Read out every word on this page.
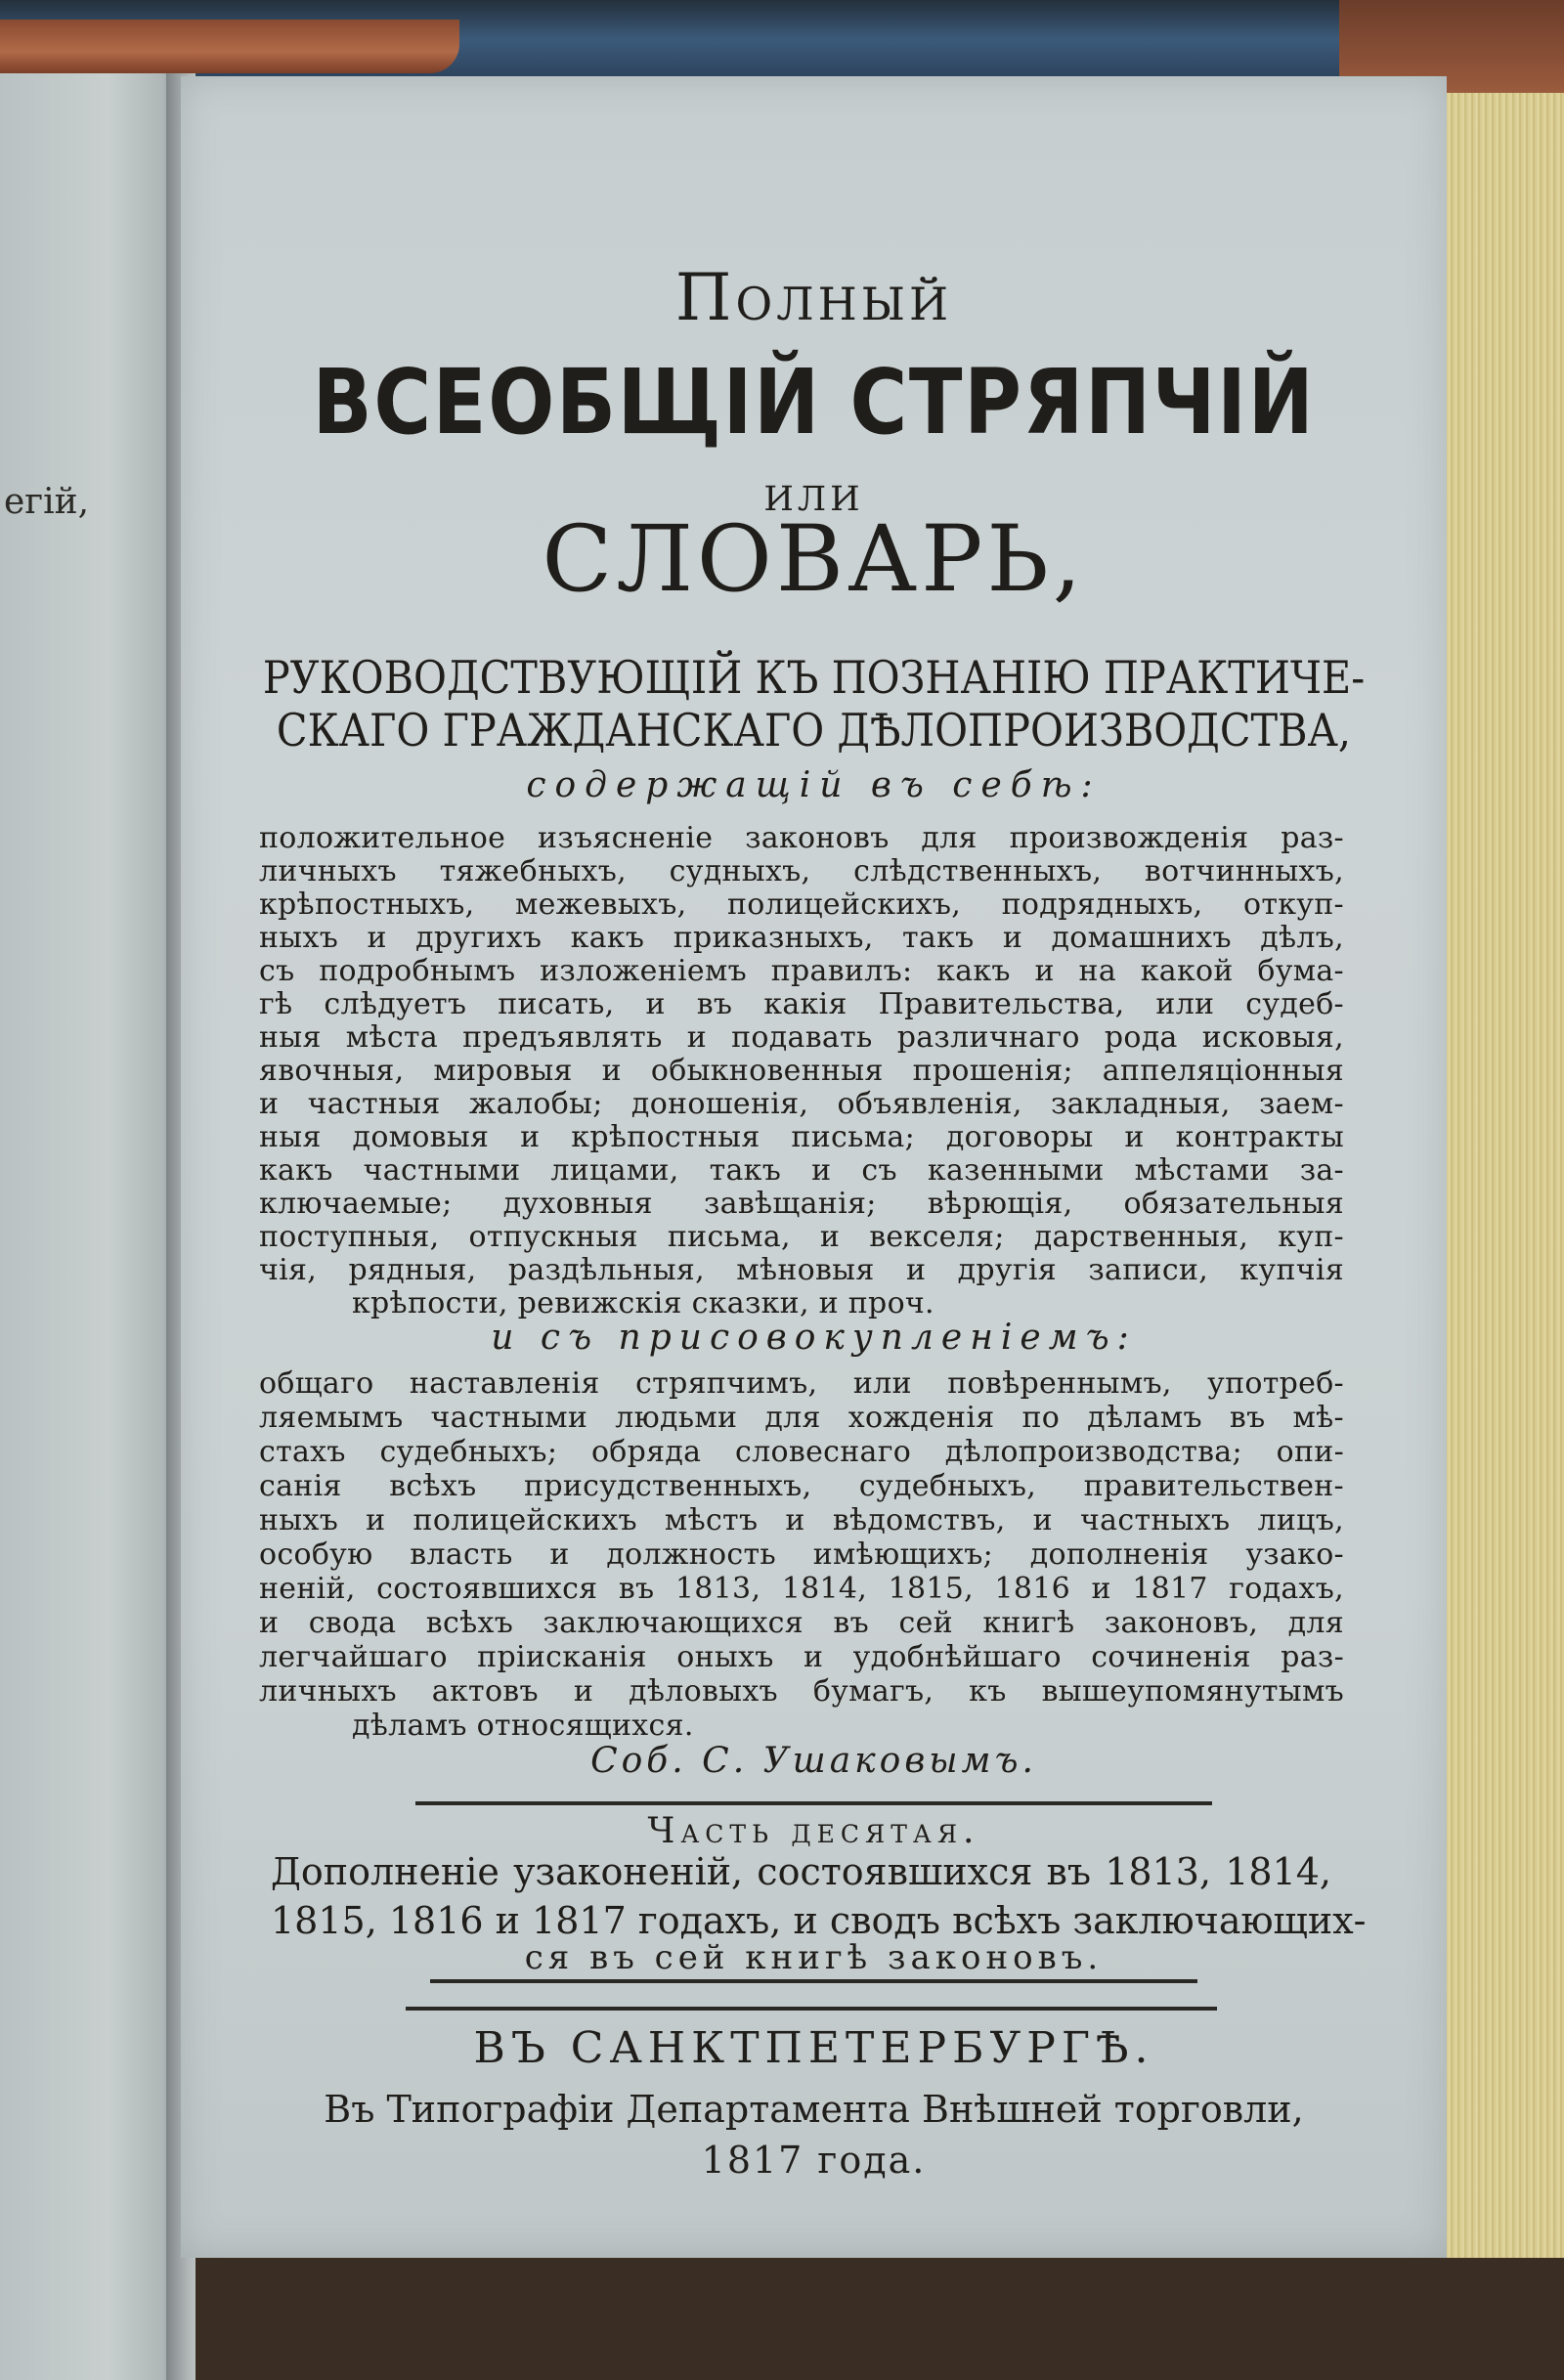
егій,
Полный
ВСЕОБЩІЙ СТРЯПЧІЙ
или
СЛОВАРЬ,
РУКОВОДСТВУЮЩІЙ КЪ ПОЗНАНІЮ ПРАКТИЧЕ-
СКАГО ГРАЖДАНСКАГО ДѢЛОПРОИЗВОДСТВА,
содержащій въ себѣ:
положительное изъясненіе законовъ для произвожденія раз-
личныхъ тяжебныхъ, судныхъ, слѣдственныхъ, вотчинныхъ,
крѣпостныхъ, межевыхъ, полицейскихъ, подрядныхъ, откуп-
ныхъ и другихъ какъ приказныхъ, такъ и домашнихъ дѣлъ,
съ подробнымъ изложеніемъ правилъ: какъ и на какой бума-
гѣ слѣдуетъ писать, и въ какія Правительства, или судеб-
ныя мѣста предъявлять и подавать различнаго рода исковыя,
явочныя, мировыя и обыкновенныя прошенія; аппеляціонныя
и частныя жалобы; доношенія, объявленія, закладныя, заем-
ныя домовыя и крѣпостныя письма; договоры и контракты
какъ частными лицами, такъ и съ казенными мѣстами за-
ключаемые; духовныя завѣщанія; вѣрющія, обязательныя
поступныя, отпускныя письма, и векселя; дарственныя, куп-
чія, рядныя, раздѣльныя, мѣновыя и другія записи, купчія
крѣпости, ревижскія сказки, и проч.
и съ присовокупленіемъ:
общаго наставленія стряпчимъ, или повѣреннымъ, употреб-
ляемымъ частными людьми для хожденія по дѣламъ въ мѣ-
стахъ судебныхъ; обряда словеснаго дѣлопроизводства; опи-
санія всѣхъ присудственныхъ, судебныхъ, правительствен-
ныхъ и полицейскихъ мѣстъ и вѣдомствъ, и частныхъ лицъ,
особую власть и должность имѣющихъ; дополненія узако-
неній, состоявшихся въ 1813, 1814, 1815, 1816 и 1817 годахъ,
и свода всѣхъ заключающихся въ сей книгѣ законовъ, для
легчайшаго пріисканія оныхъ и удобнѣйшаго сочиненія раз-
личныхъ актовъ и дѣловыхъ бумагъ, къ вышеупомянутымъ
дѣламъ относящихся.
Соб. С. Ушаковымъ.
Часть десятая.
Дополненіе узаконеній, состоявшихся въ 1813, 1814,
1815, 1816 и 1817 годахъ, и сводъ всѣхъ заключающих-
ся въ сей книгѣ законовъ.
ВЪ САНКТПЕТЕРБУРГѢ.
Въ Типографіи Департамента Внѣшней торговли,
1817 года.
